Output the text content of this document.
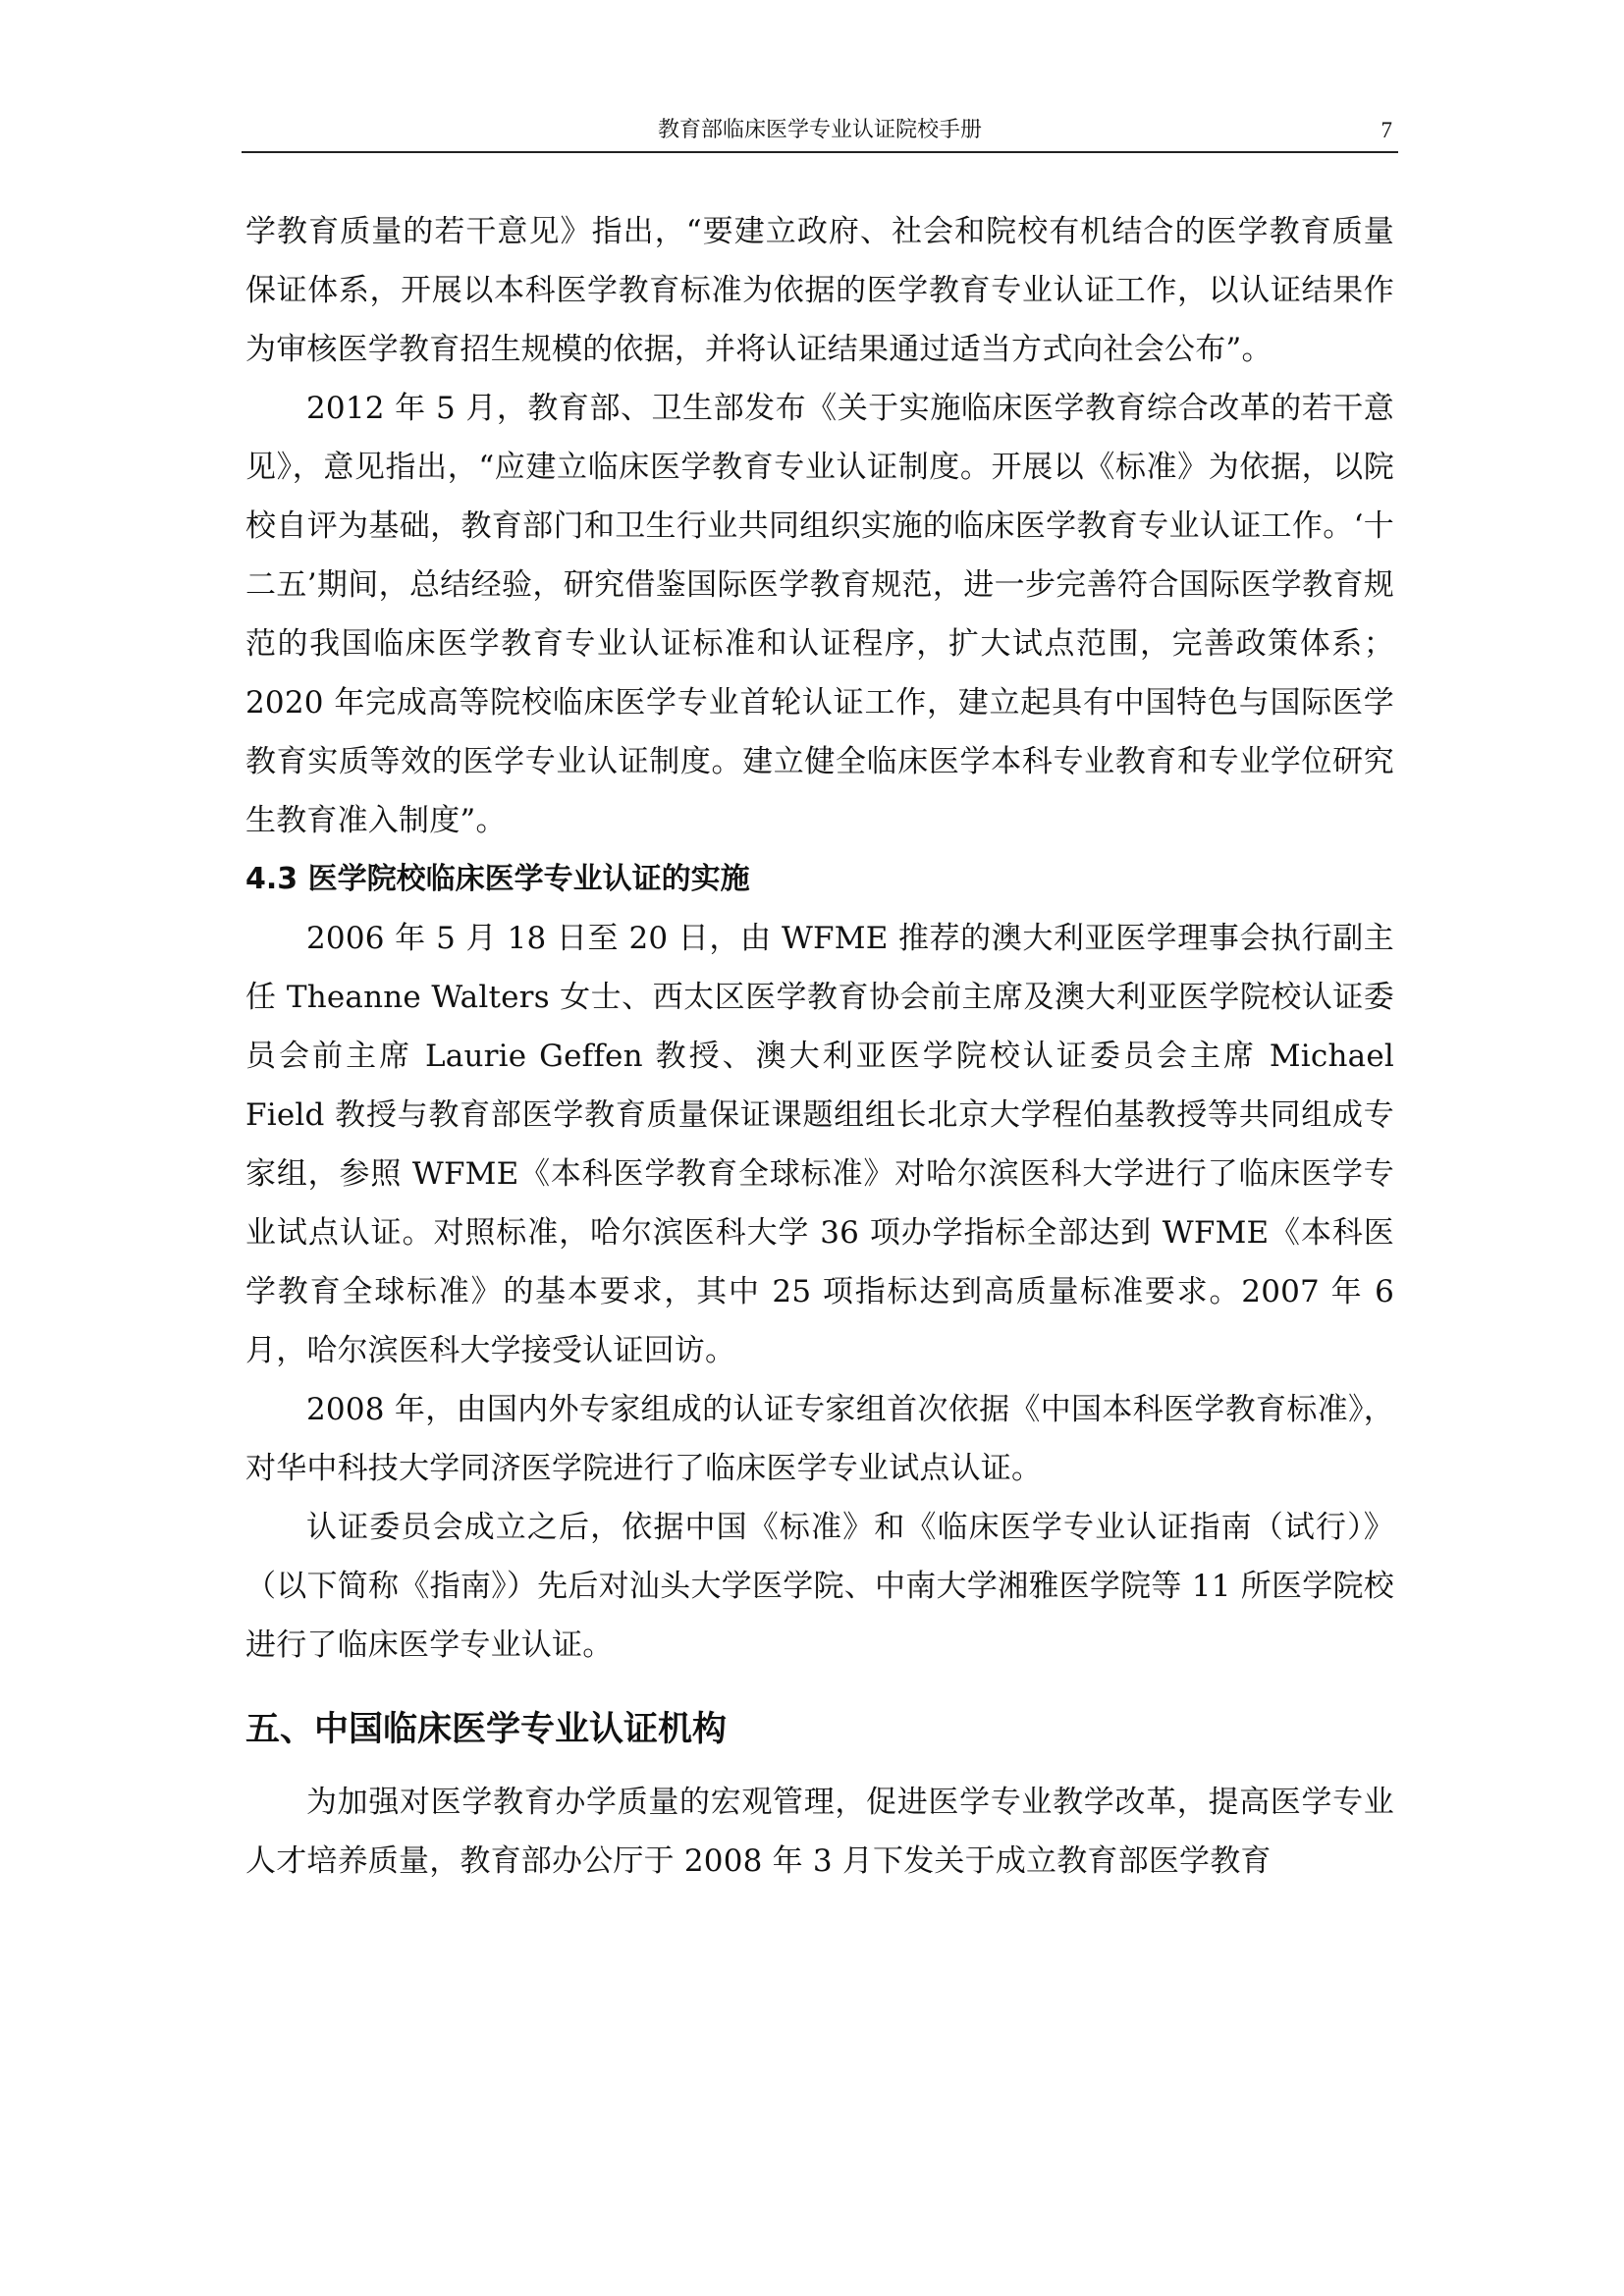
教育部临床医学专业认证院校手册	7

学教育质量的若干意见》指出，“要建立政府、社会和院校有机结合的医学教育质量保证体系，开展以本科医学教育标准为依据的医学教育专业认证工作，以认证结果作为审核医学教育招生规模的依据，并将认证结果通过适当方式向社会公布”。

2012 年 5 月，教育部、卫生部发布《关于实施临床医学教育综合改革的若干意见》，意见指出，“应建立临床医学教育专业认证制度。开展以《标准》为依据，以院校自评为基础，教育部门和卫生行业共同组织实施的临床医学教育专业认证工作。‘十二五’期间，总结经验，研究借鉴国际医学教育规范，进一步完善符合国际医学教育规范的我国临床医学教育专业认证标准和认证程序，扩大试点范围，完善政策体系；2020 年完成高等院校临床医学专业首轮认证工作，建立起具有中国特色与国际医学教育实质等效的医学专业认证制度。建立健全临床医学本科专业教育和专业学位研究生教育准入制度”。

4.3 医学院校临床医学专业认证的实施

2006 年 5 月 18 日至 20 日，由 WFME 推荐的澳大利亚医学理事会执行副主任 Theanne Walters 女士、西太区医学教育协会前主席及澳大利亚医学院校认证委员会前主席 Laurie Geffen 教授、澳大利亚医学院校认证委员会主席 Michael Field 教授与教育部医学教育质量保证课题组组长北京大学程伯基教授等共同组成专家组，参照 WFME《本科医学教育全球标准》对哈尔滨医科大学进行了临床医学专业试点认证。对照标准，哈尔滨医科大学 36 项办学指标全部达到 WFME《本科医学教育全球标准》的基本要求，其中 25 项指标达到高质量标准要求。2007 年 6 月，哈尔滨医科大学接受认证回访。

2008 年，由国内外专家组成的认证专家组首次依据《中国本科医学教育标准》，对华中科技大学同济医学院进行了临床医学专业试点认证。

认证委员会成立之后，依据中国《标准》和《临床医学专业认证指南（试行）》（以下简称《指南》）先后对汕头大学医学院、中南大学湘雅医学院等 11 所医学院校进行了临床医学专业认证。

五、中国临床医学专业认证机构

为加强对医学教育办学质量的宏观管理，促进医学专业教学改革，提高医学专业人才培养质量，教育部办公厅于 2008 年 3 月下发关于成立教育部医学教育
